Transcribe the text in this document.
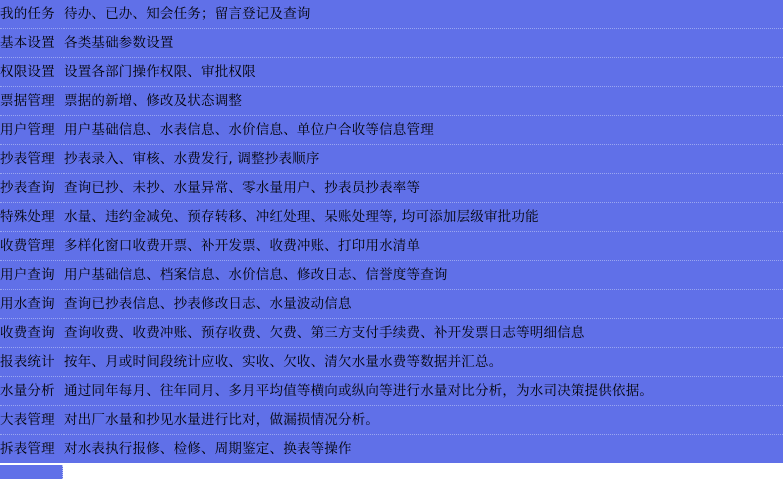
我的任务	待办、已办、知会任务；留言登记及查询
基本设置	各类基础参数设置
权限设置	设置各部门操作权限、审批权限
票据管理	票据的新增、修改及状态调整
用户管理	用户基础信息、水表信息、水价信息、单位户合收等信息管理
抄表管理	抄表录入、审核、水费发行, 调整抄表顺序
抄表查询	查询已抄、未抄、水量异常、零水量用户、抄表员抄表率等
特殊处理	水量、违约金减免、预存转移、冲红处理、呆账处理等, 均可添加层级审批功能
收费管理	多样化窗口收费开票、补开发票、收费冲账、打印用水清单
用户查询	用户基础信息、档案信息、水价信息、修改日志、信誉度等查询
用水查询	查询已抄表信息、抄表修改日志、水量波动信息
收费查询	查询收费、收费冲账、预存收费、欠费、第三方支付手续费、补开发票日志等明细信息
报表统计	按年、月或时间段统计应收、实收、欠收、清欠水量水费等数据并汇总。
水量分析	通过同年每月、往年同月、多月平均值等横向或纵向等进行水量对比分析，为水司决策提供依据。
大表管理	对出厂水量和抄见水量进行比对，做漏损情况分析。
拆表管理	对水表执行报修、检修、周期鉴定、换表等操作
